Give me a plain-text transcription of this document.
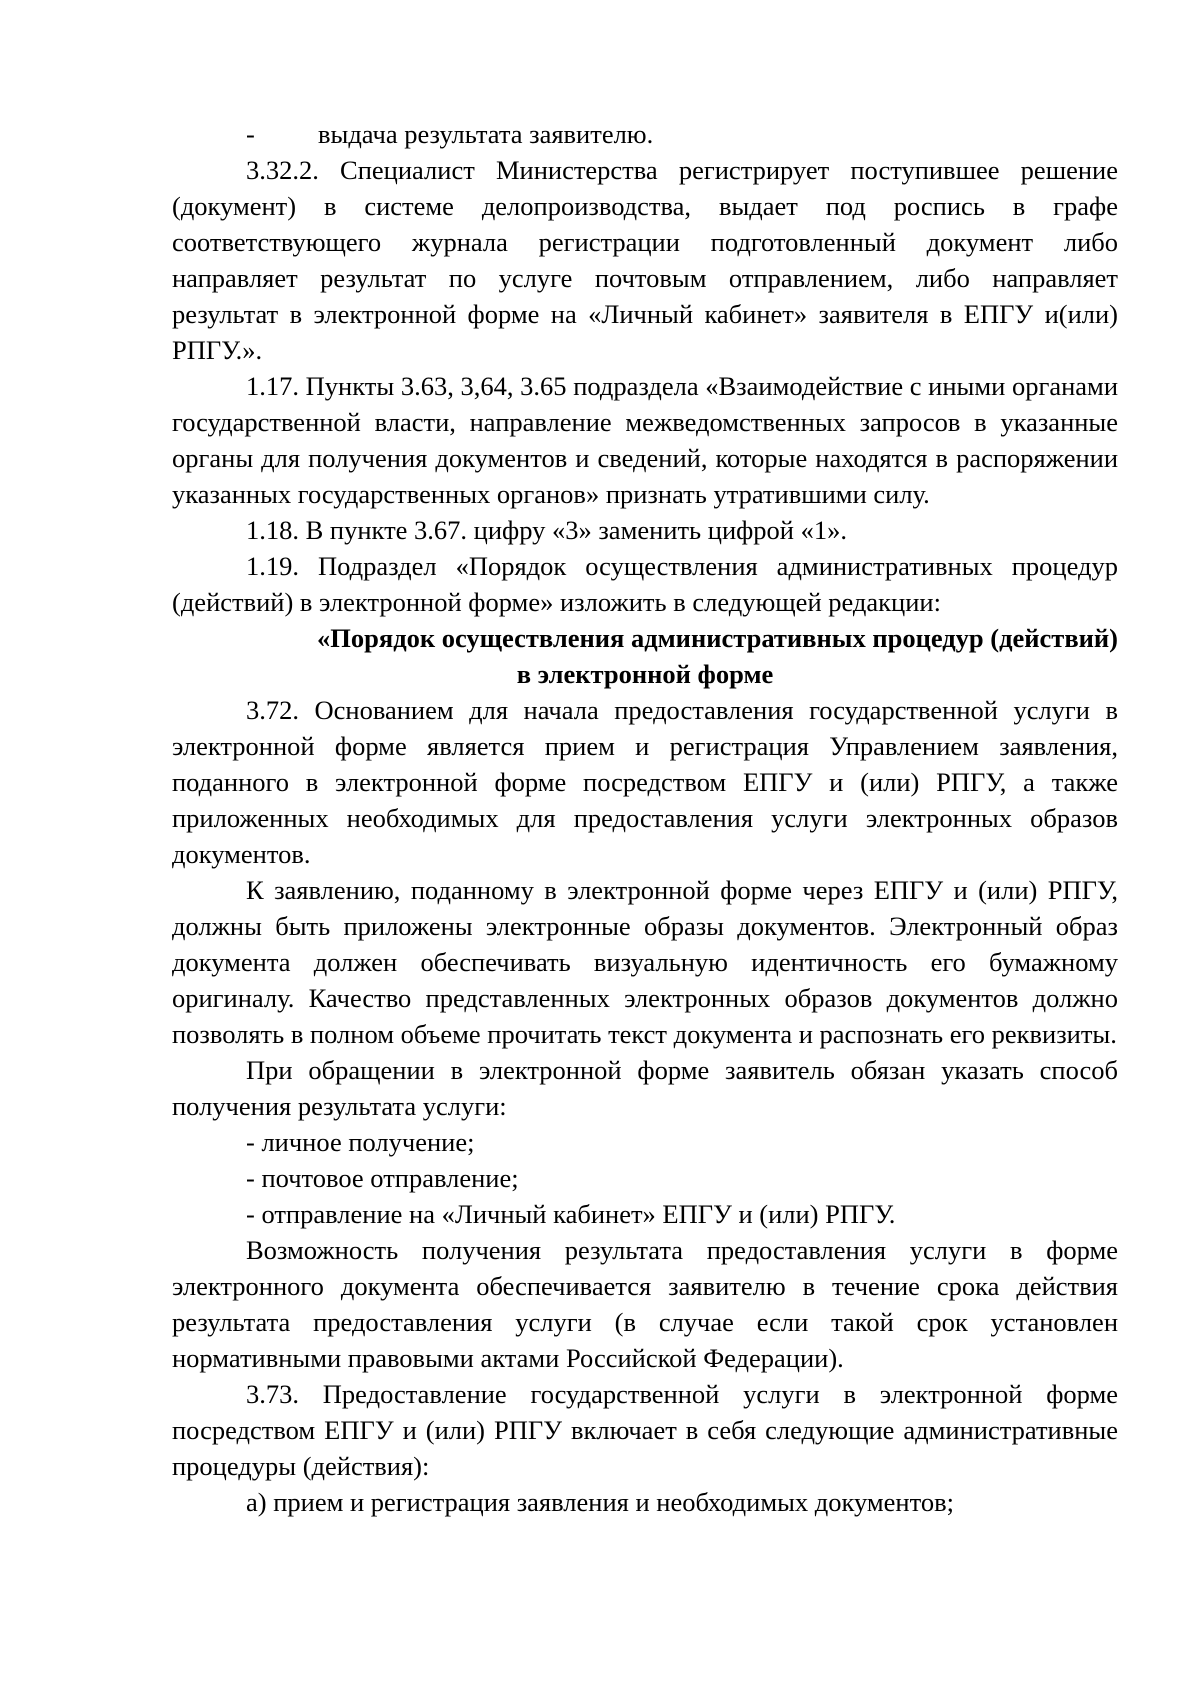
- выдача результата заявителю.

3.32.2. Специалист Министерства регистрирует поступившее решение (документ) в системе делопроизводства, выдает под роспись в графе соответствующего журнала регистрации подготовленный документ либо направляет результат по услуге почтовым отправлением, либо направляет результат в электронной форме на «Личный кабинет» заявителя в ЕПГУ и(или) РПГУ.».

1.17. Пункты 3.63, 3,64, 3.65 подраздела «Взаимодействие с иными органами государственной власти, направление межведомственных запросов в указанные органы для получения документов и сведений, которые находятся в распоряжении указанных государственных органов» признать утратившими силу.

1.18. В пункте 3.67. цифру «3» заменить цифрой «1».

1.19. Подраздел «Порядок осуществления административных процедур (действий) в электронной форме» изложить в следующей редакции:

«Порядок осуществления административных процедур (действий)
в электронной форме

3.72. Основанием для начала предоставления государственной услуги в электронной форме является прием и регистрация Управлением заявления, поданного в электронной форме посредством ЕПГУ и (или) РПГУ, а также приложенных необходимых для предоставления услуги электронных образов документов.

К заявлению, поданному в электронной форме через ЕПГУ и (или) РПГУ, должны быть приложены электронные образы документов. Электронный образ документа должен обеспечивать визуальную идентичность его бумажному оригиналу. Качество представленных электронных образов документов должно позволять в полном объеме прочитать текст документа и распознать его реквизиты.

При обращении в электронной форме заявитель обязан указать способ получения результата услуги:

- личное получение;

- почтовое отправление;

- отправление на «Личный кабинет» ЕПГУ и (или) РПГУ.

Возможность получения результата предоставления услуги в форме электронного документа обеспечивается заявителю в течение срока действия результата предоставления услуги (в случае если такой срок установлен нормативными правовыми актами Российской Федерации).

3.73. Предоставление государственной услуги в электронной форме посредством ЕПГУ и (или) РПГУ включает в себя следующие административные процедуры (действия):

а) прием и регистрация заявления и необходимых документов;
